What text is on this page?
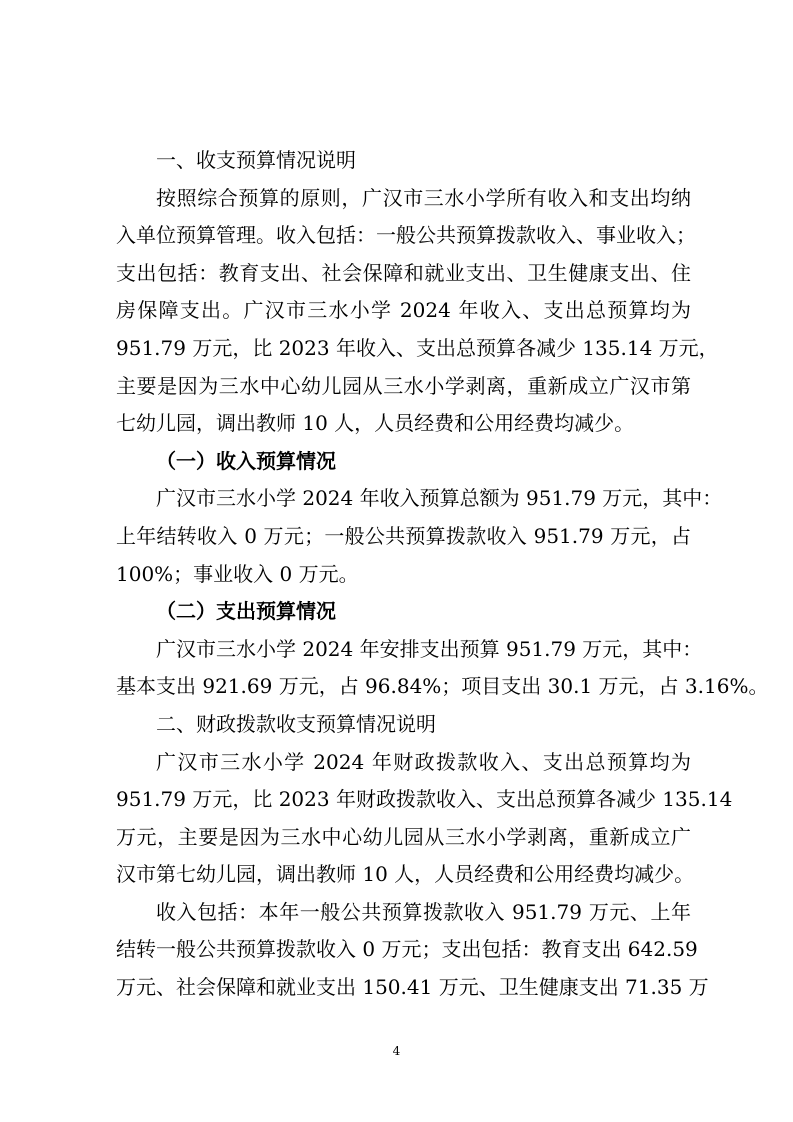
一、收支预算情况说明
按照综合预算的原则，广汉市三水小学所有收入和支出均纳
入单位预算管理。收入包括：一般公共预算拨款收入、事业收入；
支出包括：教育支出、社会保障和就业支出、卫生健康支出、住
房保障支出。广汉市三水小学 2024 年收入、支出总预算均为
951.79 万元，比 2023 年收入、支出总预算各减少 135.14 万元，
主要是因为三水中心幼儿园从三水小学剥离，重新成立广汉市第
七幼儿园，调出教师 10 人，人员经费和公用经费均减少。
（一）收入预算情况
广汉市三水小学 2024 年收入预算总额为 951.79 万元，其中：
上年结转收入 0 万元；一般公共预算拨款收入 951.79 万元，占
100%；事业收入 0 万元。
（二）支出预算情况
广汉市三水小学 2024 年安排支出预算 951.79 万元，其中：
基本支出 921.69 万元，占 96.84%；项目支出 30.1 万元，占 3.16%。
二、财政拨款收支预算情况说明
广汉市三水小学 2024 年财政拨款收入、支出总预算均为
951.79 万元，比 2023 年财政拨款收入、支出总预算各减少 135.14
万元，主要是因为三水中心幼儿园从三水小学剥离，重新成立广
汉市第七幼儿园，调出教师 10 人，人员经费和公用经费均减少。
收入包括：本年一般公共预算拨款收入 951.79 万元、上年
结转一般公共预算拨款收入 0 万元；支出包括：教育支出 642.59
万元、社会保障和就业支出 150.41 万元、卫生健康支出 71.35 万
4
